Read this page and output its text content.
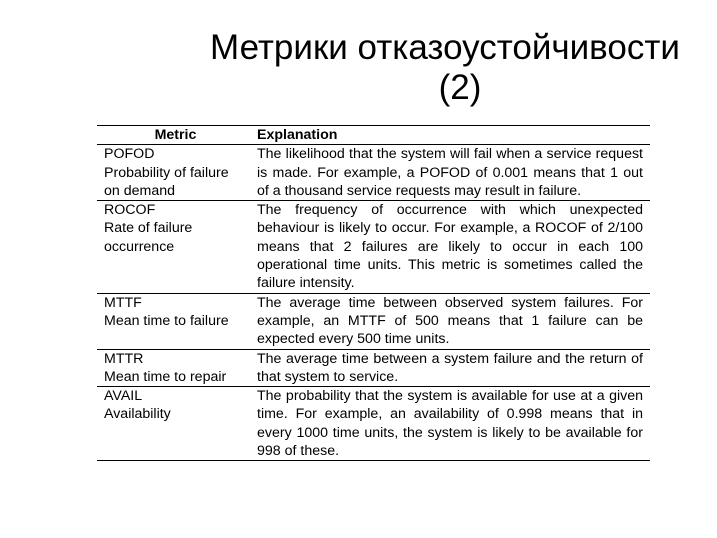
Метрики отказоустойчивости
(2)
Metric	Explanation
POFOD
Probability of failure
on demand
The likelihood that the system will fail when a service request is made. For example, a POFOD of 0.001 means that 1 out of a thousand service requests may result in failure.
ROCOF
Rate of failure
occurrence
The frequency of occurrence with which unexpected behaviour is likely to occur. For example, a ROCOF of 2/100 means that 2 failures are likely to occur in each 100 operational time units. This metric is sometimes called the failure intensity.
MTTF
Mean time to failure
The average time between observed system failures. For example, an MTTF of 500 means that 1 failure can be expected every 500 time units.
MTTR
Mean time to repair
The average time between a system failure and the return of that system to service.
AVAIL
Availability
The probability that the system is available for use at a given time. For example, an availability of 0.998 means that in every 1000 time units, the system is likely to be available for 998 of these.
